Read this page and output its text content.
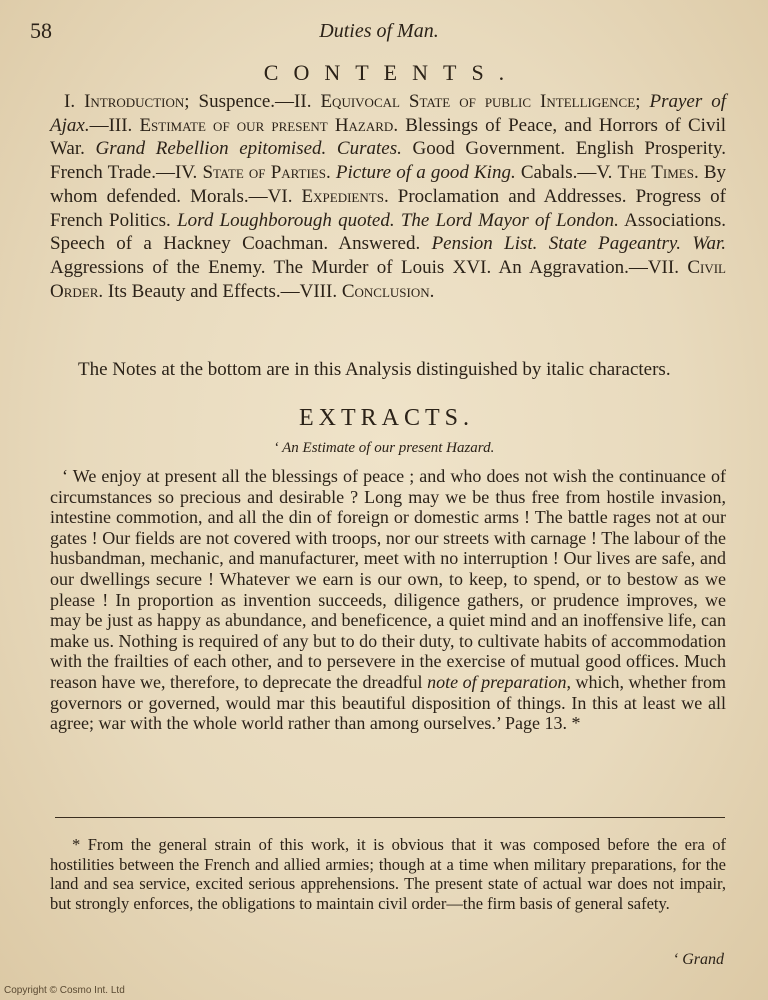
58	Duties of Man.
CONTENTS.

I. Introduction; Suspence.—II. Equivocal State of public Intelligence; Prayer of Ajax.—III. Estimate of our present Hazard. Blessings of Peace, and Horrors of Civil War. Grand Rebellion epitomised. Curates. Good Government. English Prosperity. French Trade.—IV. State of Parties. Picture of a good King. Cabals.—V. The Times. By whom defended. Morals.—VI. Expedients. Proclamation and Addresses. Progress of French Politics. Lord Loughborough quoted. The Lord Mayor of London. Associations. Speech of a Hackney Coachman. Answered. Pension List. State Pageantry. War. Aggressions of the Enemy. The Murder of Louis XVI. An Aggravation.—VII. Civil Order. Its Beauty and Effects.—VIII. Conclusion.

The Notes at the bottom are in this Analysis distinguished by italic characters.

EXTRACTS.
‘ An Estimate of our present Hazard.

‘ We enjoy at present all the blessings of peace ; and who does not wish the continuance of circumstances so precious and desirable ? Long may we be thus free from hostile invasion, intestine commotion, and all the din of foreign or domestic arms ! The battle rages not at our gates ! Our fields are not covered with troops, nor our streets with carnage ! The labour of the husbandman, mechanic, and manufacturer, meet with no interruption ! Our lives are safe, and our dwellings secure ! Whatever we earn is our own, to keep, to spend, or to bestow as we please ! In proportion as invention succeeds, diligence gathers, or prudence improves, we may be just as happy as abundance, and beneficence, a quiet mind and an inoffensive life, can make us. Nothing is required of any but to do their duty, to cultivate habits of accommodation with the frailties of each other, and to persevere in the exercise of mutual good offices. Much reason have we, therefore, to deprecate the dreadful note of preparation, which, whether from governors or governed, would mar this beautiful disposition of things. In this at least we all agree; war with the whole world rather than among ourselves.’ Page 13. *

* From the general strain of this work, it is obvious that it was composed before the era of hostilities between the French and allied armies; though at a time when military preparations, for the land and sea service, excited serious apprehensions. The present state of actual war does not impair, but strongly enforces, the obligations to maintain civil order—the firm basis of general safety.

‘ Grand
Copyright © Cosmo Int. Ltd
